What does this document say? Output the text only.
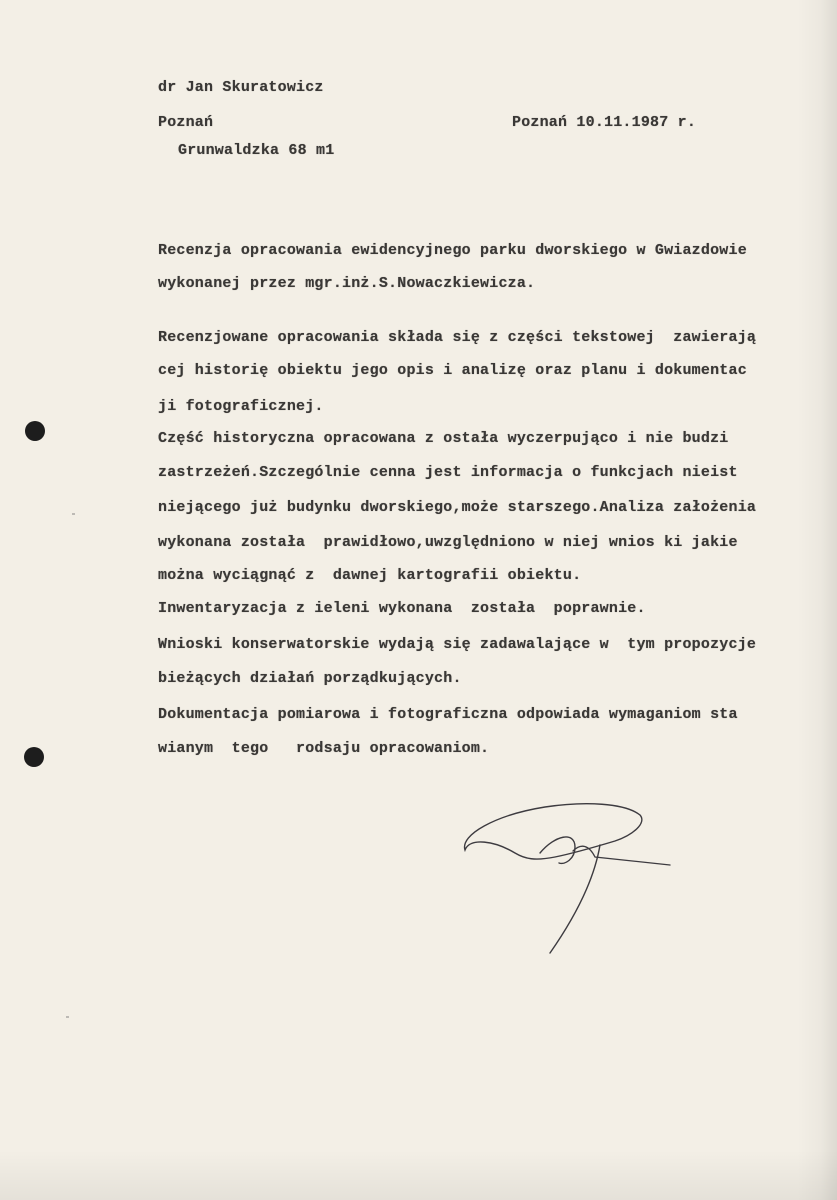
dr Jan Skuratowicz
Poznań
Grunwaldzka 68 m1
Poznań 10.11.1987 r.
Recenzja opracowania ewidencyjnego parku dworskiego w Gwiazdowie
wykonanej przez mgr.inż.S.Nowaczkiewicza.
Recenzjowane opracowania składa się z części tekstowej  zawierają
cej historię obiektu jego opis i analizę oraz planu i dokumentac
ji fotograficznej.
Część historyczna opracowana z ostała wyczerpująco i nie budzi
zastrzeżeń.Szczególnie cenna jest informacja o funkcjach nieist
niejącego już budynku dworskiego,może starszego.Analiza założenia
wykonana została  prawidłowo,uwzględniono w niej wnios ki jakie
można wyciągnąć z  dawnej kartografii obiektu.
Inwentaryzacja z ieleni wykonana  została  poprawnie.
Wnioski konserwatorskie wydają się zadawalające w  tym propozycje
bieżących działań porządkujących.
Dokumentacja pomiarowa i fotograficzna odpowiada wymaganiom sta
wianym  tego   rodsaju opracowaniom.
